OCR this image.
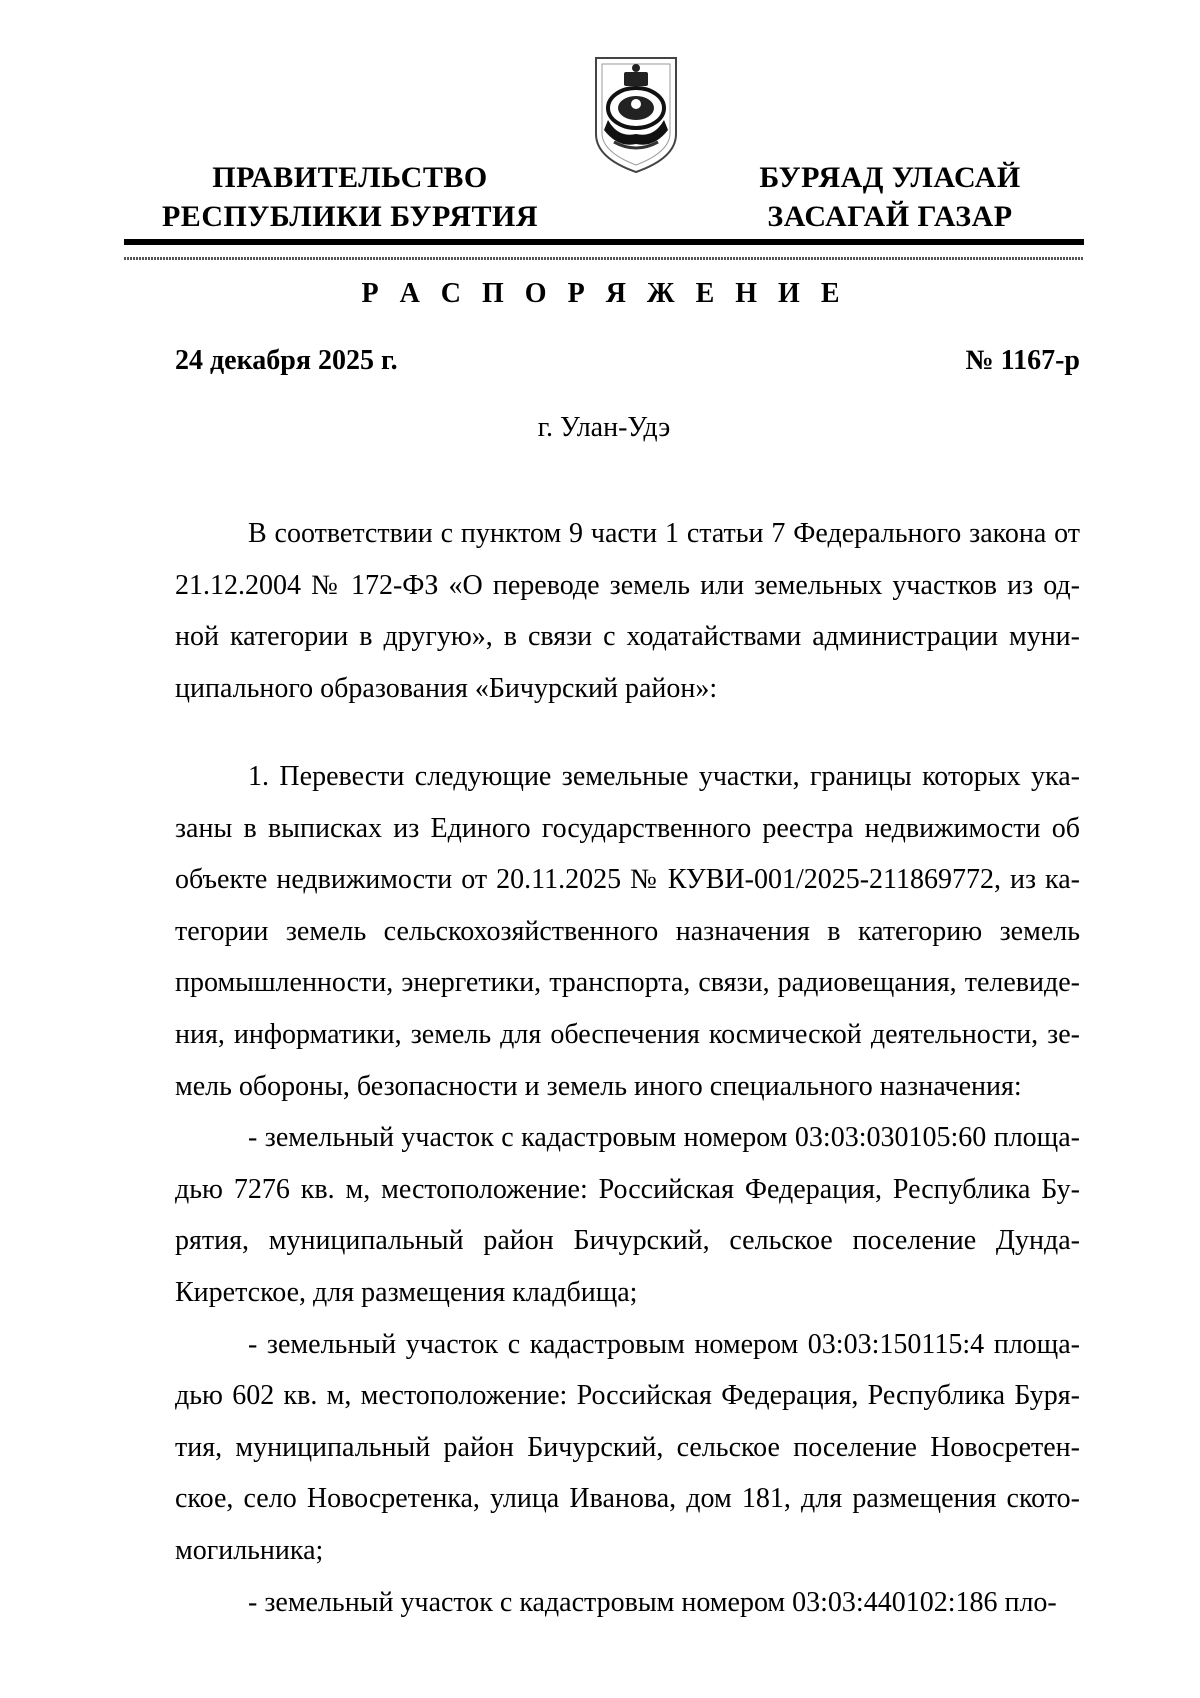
ПРАВИТЕЛЬСТВО
РЕСПУБЛИКИ БУРЯТИЯ
БУРЯАД УЛАСАЙ
ЗАСАГАЙ ГАЗАР
Р А С П О Р Я Ж Е Н И Е
24 декабря 2025 г.	№ 1167-р
г. Улан-Удэ

В соответствии с пунктом 9 части 1 статьи 7 Федерального закона от 21.12.2004 № 172-ФЗ «О переводе земель или земельных участков из одной категории в другую», в связи с ходатайствами администрации муниципального образования «Бичурский район»:

1. Перевести следующие земельные участки, границы которых указаны в выписках из Единого государственного реестра недвижимости об объекте недвижимости от 20.11.2025 № КУВИ-001/2025-211869772, из категории земель сельскохозяйственного назначения в категорию земель промышленности, энергетики, транспорта, связи, радиовещания, телевидения, информатики, земель для обеспечения космической деятельности, земель обороны, безопасности и земель иного специального назначения:

- земельный участок с кадастровым номером 03:03:030105:60 площадью 7276 кв. м, местоположение: Российская Федерация, Республика Бурятия, муниципальный район Бичурский, сельское поселение Дунда-Киретское, для размещения кладбища;

- земельный участок с кадастровым номером 03:03:150115:4 площадью 602 кв. м, местоположение: Российская Федерация, Республика Бурятия, муниципальный район Бичурский, сельское поселение Новосретенское, село Новосретенка, улица Иванова, дом 181, для размещения скотомогильника;

- земельный участок с кадастровым номером 03:03:440102:186 пло-
